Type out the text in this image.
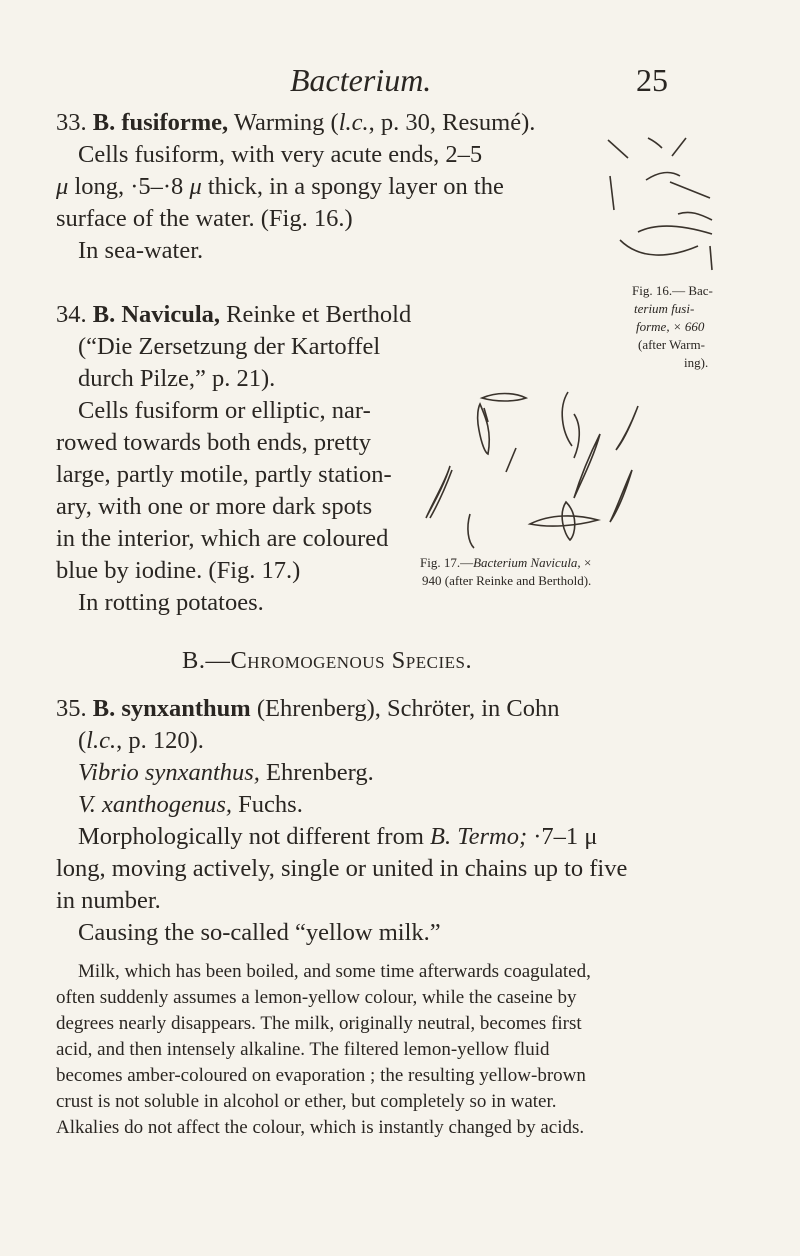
Bacterium.	25
33. B. fusiforme, Warming (l.c., p. 30, Resumé).
Cells fusiform, with very acute ends, 2–5
μ long, ·5–·8 μ thick, in a spongy layer on the
surface of the water. (Fig. 16.)
In sea-water.
Fig. 16.— Bac-
terium fusi-
forme, × 660
(after Warm-
ing).
34. B. Navicula, Reinke et Berthold
(“Die Zersetzung der Kartoffel
durch Pilze,” p. 21).
Cells fusiform or elliptic, nar-
rowed towards both ends, pretty
large, partly motile, partly station-
ary, with one or more dark spots
in the interior, which are coloured
blue by iodine. (Fig. 17.)
In rotting potatoes.
Fig. 17.—Bacterium Navicula, ×
940 (after Reinke and Berthold).
B.—Chromogenous Species.
35. B. synxanthum (Ehrenberg), Schröter, in Cohn
(l.c., p. 120).
Vibrio synxanthus, Ehrenberg.
V. xanthogenus, Fuchs.
Morphologically not different from B. Termo; ·7–1 μ
long, moving actively, single or united in chains up to five
in number.
Causing the so-called “yellow milk.”
Milk, which has been boiled, and some time afterwards coagulated,
often suddenly assumes a lemon-yellow colour, while the caseine by
degrees nearly disappears. The milk, originally neutral, becomes first
acid, and then intensely alkaline. The filtered lemon-yellow fluid
becomes amber-coloured on evaporation ; the resulting yellow-brown
crust is not soluble in alcohol or ether, but completely so in water.
Alkalies do not affect the colour, which is instantly changed by acids.
